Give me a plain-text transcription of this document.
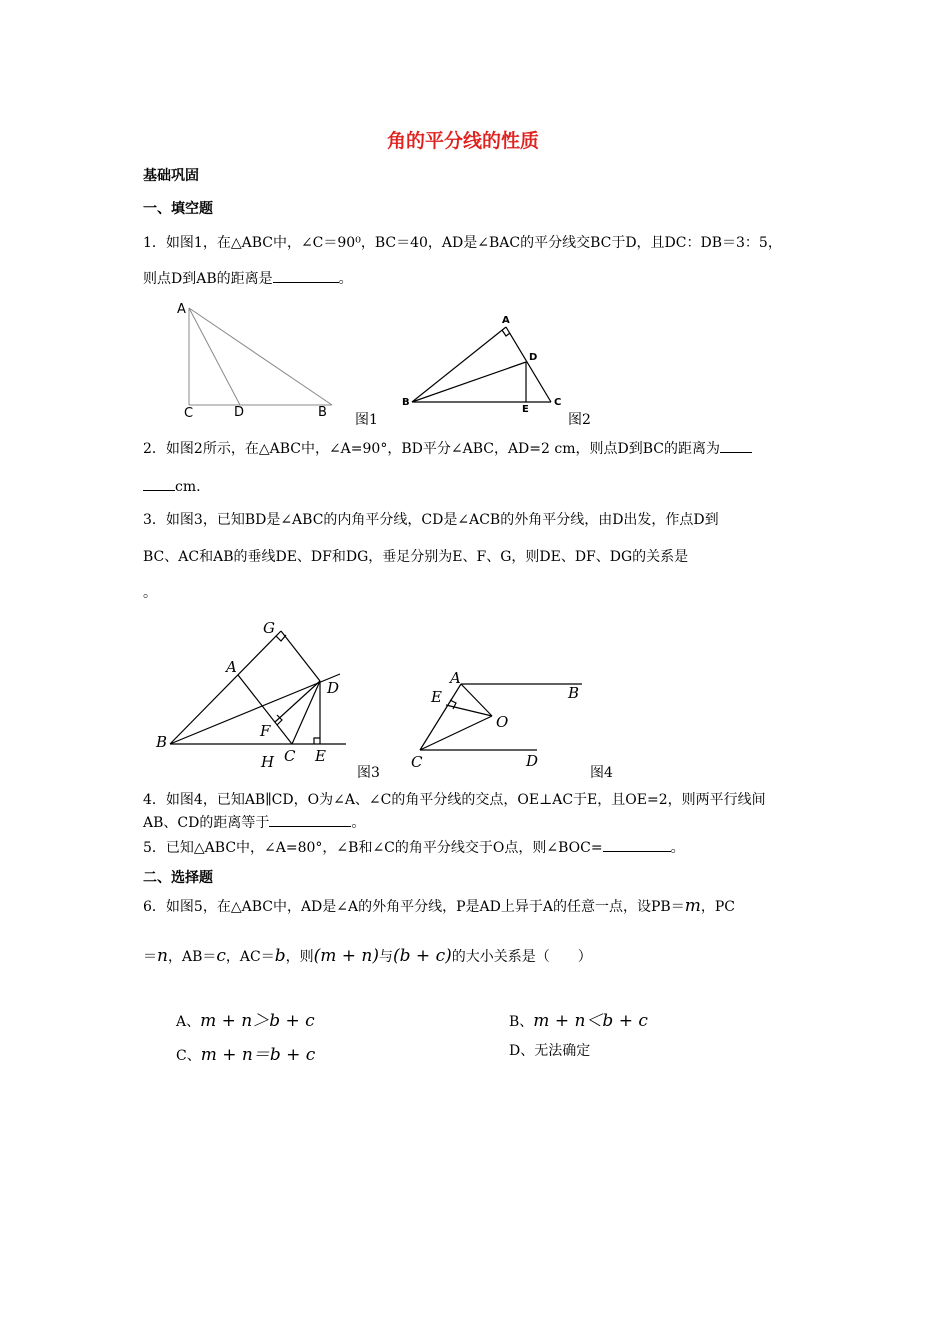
角的平分线的性质
基础巩固
一、填空题
1．如图1，在△ABC中，∠C＝90⁰，BC＝40，AD是∠BAC的平分线交BC于D，且DC：DB＝3：5，
则点D到AB的距离是	。
A
C	D	B 图1
A
D
B
E
C
图2
2．如图2所示，在△ABC中，∠A=90°，BD平分∠ABC，AD=2 cm，则点D到BC的距离为
cm.
3．如图3，已知BD是∠ABC的内角平分线，CD是∠ACB的外角平分线，由D出发，作点D到
BC、AC和AB的垂线DE、DF和DG，垂足分别为E、F、G，则DE、DF、DG的关系是
。
G
A
D
F
B
H C E
图3
A
B
E
O
C	D
图4
4．如图4，已知AB∥CD，O为∠A、∠C的角平分线的交点，OE⊥AC于E，且OE=2，则两平行线间
AB、CD的距离等于	。
5．已知△ABC中，∠A=80°，∠B和∠C的角平分线交于O点，则∠BOC=	。
二、选择题
6．如图5，在△ABC中，AD是∠A的外角平分线，P是AD上异于A的任意一点，设PB＝m，PC
＝n，AB＝c，AC＝b，则(m + n)与(b + c)的大小关系是（　　）
A、m + n＞b + c	B、m + n＜b + c
C、m + n＝b + c	D、无法确定
